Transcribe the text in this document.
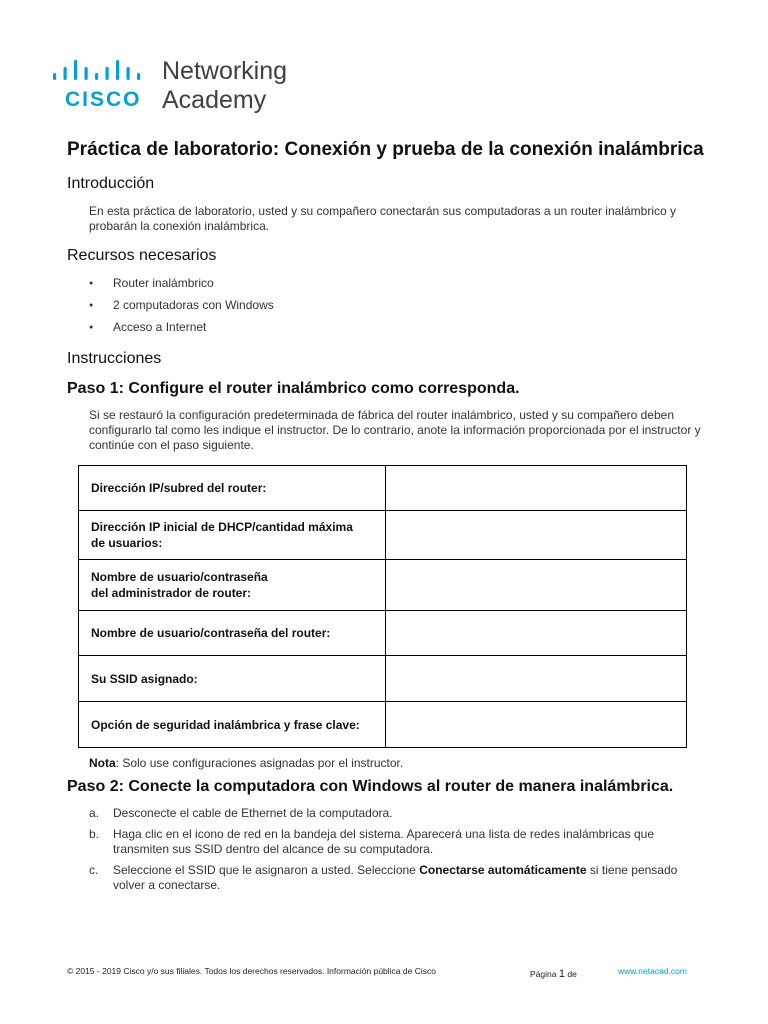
CISCO
Networking
Academy
Práctica de laboratorio: Conexión y prueba de la conexión inalámbrica
Introducción

En esta práctica de laboratorio, usted y su compañero conectarán sus computadoras a un router inalámbrico y probarán la conexión inalámbrica.

Recursos necesarios
● Router inalámbrico
● 2 computadoras con Windows
● Acceso a Internet
Instrucciones
Paso 1: Configure el router inalámbrico como corresponda.

Si se restauró la configuración predeterminada de fábrica del router inalámbrico, usted y su compañero deben configurarlo tal como les indique el instructor. De lo contrario, anote la información proporcionada por el instructor y continúe con el paso siguiente.

Dirección IP/subred del router:	
Dirección IP inicial de DHCP/cantidad máxima
de usuarios:	
Nombre de usuario/contraseña
del administrador de router:	
Nombre de usuario/contraseña del router:	
Su SSID asignado:	
Opción de seguridad inalámbrica y frase clave:	

Nota: Solo use configuraciones asignadas por el instructor.

Paso 2: Conecte la computadora con Windows al router de manera inalámbrica.
a. Desconecte el cable de Ethernet de la computadora.
b. Haga clic en el icono de red en la bandeja del sistema. Aparecerá una lista de redes inalámbricas que transmiten sus SSID dentro del alcance de su computadora.
c. Seleccione el SSID que le asignaron a usted. Seleccione Conectarse automáticamente si tiene pensado volver a conectarse.
© 2015 - 2019 Cisco y/o sus filiales. Todos los derechos reservados. Información pública de Cisco	Página 1 de	www.netacad.com
